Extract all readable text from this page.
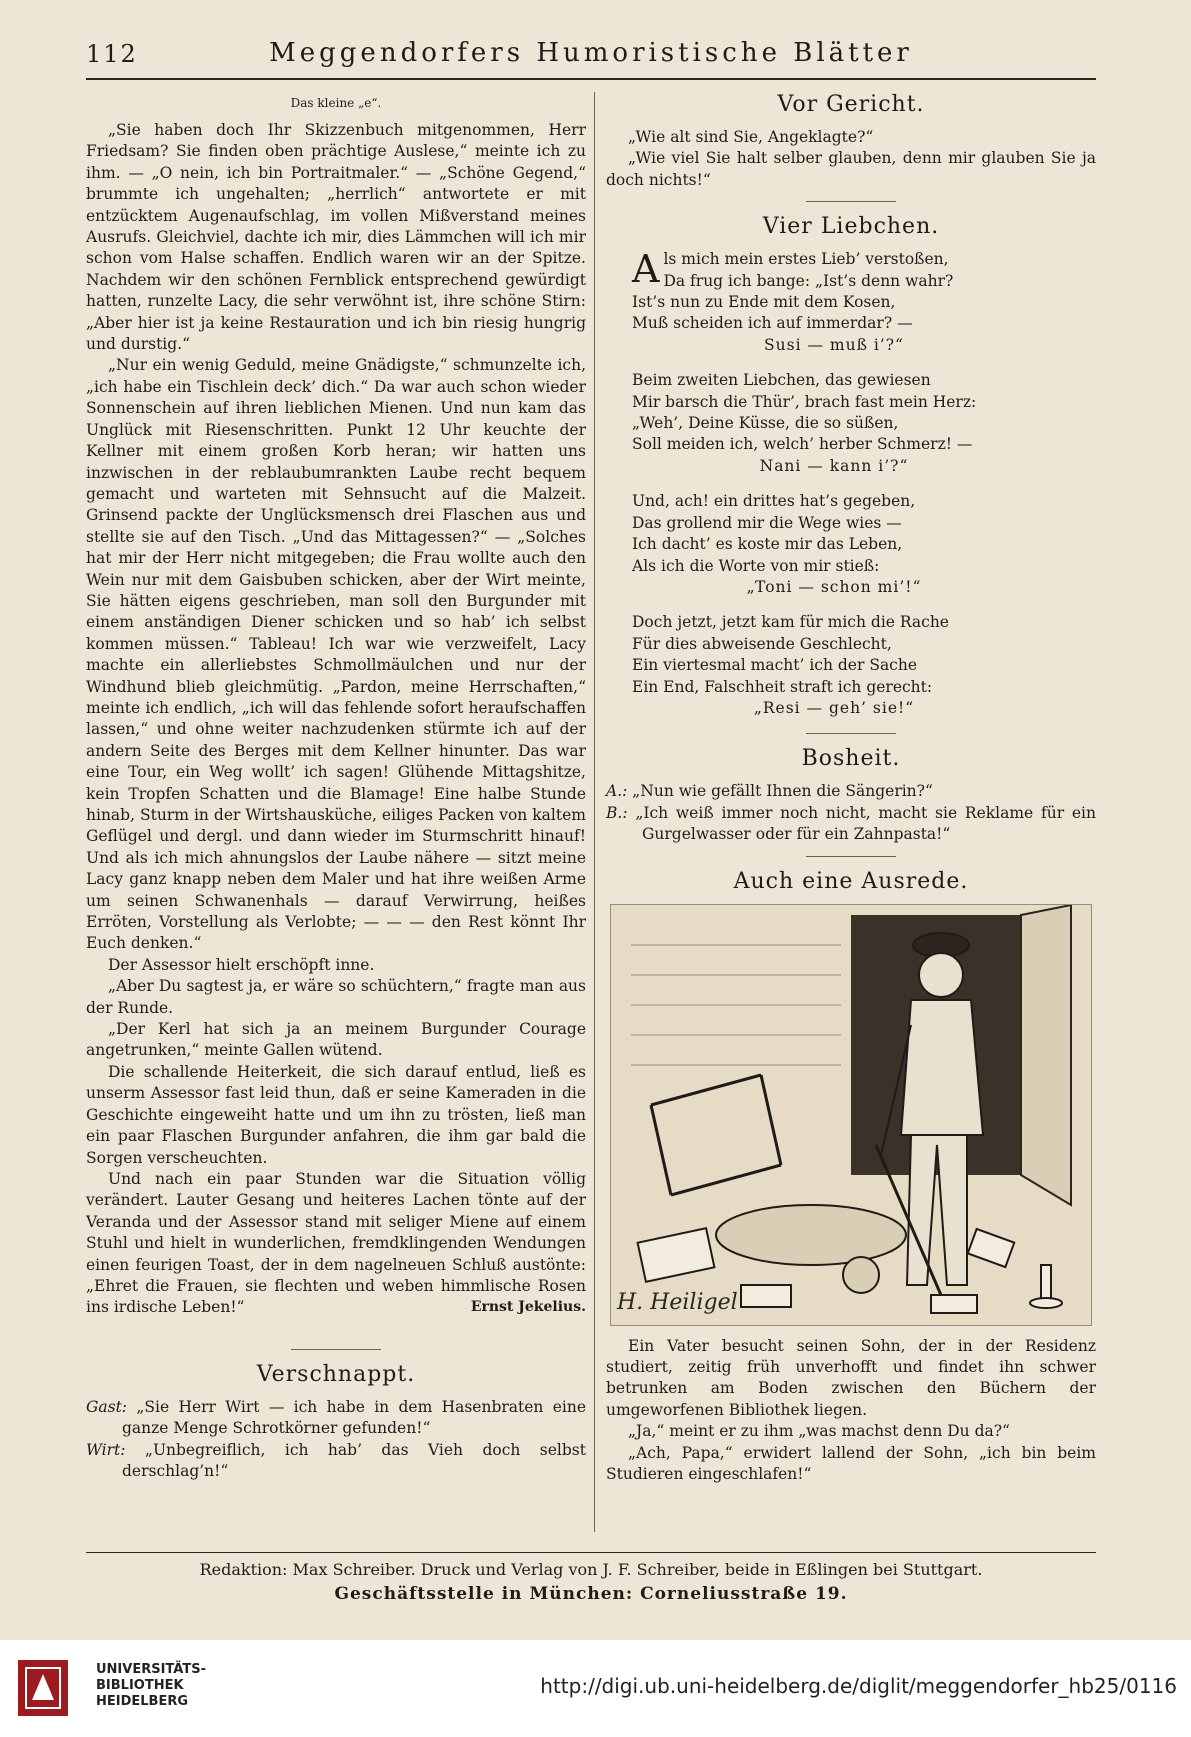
112	Meggendorfers Humoristische Blätter
Das kleine „e“.

„Sie haben doch Ihr Skizzenbuch mitgenommen, Herr Friedsam? Sie finden oben prächtige Auslese,“ meinte ich zu ihm. — „O nein, ich bin Portraitmaler.“ — „Schöne Gegend,“ brummte ich ungehalten; „herrlich“ antwortete er mit entzücktem Augenaufschlag, im vollen Mißverstand meines Ausrufs. Gleichviel, dachte ich mir, dies Lämmchen will ich mir schon vom Halse schaffen. Endlich waren wir an der Spitze. Nachdem wir den schönen Fernblick entsprechend gewürdigt hatten, runzelte Lacy, die sehr verwöhnt ist, ihre schöne Stirn: „Aber hier ist ja keine Restauration und ich bin riesig hungrig und durstig.“

„Nur ein wenig Geduld, meine Gnädigste,“ schmunzelte ich, „ich habe ein Tischlein deck’ dich.“ Da war auch schon wieder Sonnenschein auf ihren lieblichen Mienen. Und nun kam das Unglück mit Riesenschritten. Punkt 12 Uhr keuchte der Kellner mit einem großen Korb heran; wir hatten uns inzwischen in der reblaubumrankten Laube recht bequem gemacht und warteten mit Sehnsucht auf die Malzeit. Grinsend packte der Unglücksmensch drei Flaschen aus und stellte sie auf den Tisch. „Und das Mittagessen?“ — „Solches hat mir der Herr nicht mitgegeben; die Frau wollte auch den Wein nur mit dem Gaisbuben schicken, aber der Wirt meinte, Sie hätten eigens geschrieben, man soll den Burgunder mit einem anständigen Diener schicken und so hab’ ich selbst kommen müssen.“ Tableau! Ich war wie verzweifelt, Lacy machte ein allerliebstes Schmollmäulchen und nur der Windhund blieb gleichmütig. „Pardon, meine Herrschaften,“ meinte ich endlich, „ich will das fehlende sofort heraufschaffen lassen,“ und ohne weiter nachzudenken stürmte ich auf der andern Seite des Berges mit dem Kellner hinunter. Das war eine Tour, ein Weg wollt’ ich sagen! Glühende Mittagshitze, kein Tropfen Schatten und die Blamage! Eine halbe Stunde hinab, Sturm in der Wirtshausküche, eiliges Packen von kaltem Geflügel und dergl. und dann wieder im Sturmschritt hinauf! Und als ich mich ahnungslos der Laube nähere — sitzt meine Lacy ganz knapp neben dem Maler und hat ihre weißen Arme um seinen Schwanenhals — darauf Verwirrung, heißes Erröten, Vorstellung als Verlobte; — — — den Rest könnt Ihr Euch denken.“

Der Assessor hielt erschöpft inne.

„Aber Du sagtest ja, er wäre so schüchtern,“ fragte man aus der Runde.

„Der Kerl hat sich ja an meinem Burgunder Courage angetrunken,“ meinte Gallen wütend.

Die schallende Heiterkeit, die sich darauf entlud, ließ es unserm Assessor fast leid thun, daß er seine Kameraden in die Geschichte eingeweiht hatte und um ihn zu trösten, ließ man ein paar Flaschen Burgunder anfahren, die ihm gar bald die Sorgen verscheuchten.

Und nach ein paar Stunden war die Situation völlig verändert. Lauter Gesang und heiteres Lachen tönte auf der Veranda und der Assessor stand mit seliger Miene auf einem Stuhl und hielt in wunderlichen, fremdklingenden Wendungen einen feurigen Toast, der in dem nagelneuen Schluß austönte: „Ehret die Frauen, sie flechten und weben himmlische Rosen ins irdische Leben!“	Ernst Jekelius.

Verschnappt.

Gast: „Sie Herr Wirt — ich habe in dem Hasenbraten eine ganze Menge Schrotkörner gefunden!“

Wirt: „Unbegreiflich, ich hab’ das Vieh doch selbst derschlag’n!“

Vor Gericht.

„Wie alt sind Sie, Angeklagte?“

„Wie viel Sie halt selber glauben, denn mir glauben Sie ja doch nichts!“

Vier Liebchen.
A ls mich mein erstes Lieb’ verstoßen,
Da frug ich bange: „Ist’s denn wahr?
Ist’s nun zu Ende mit dem Kosen,
Muß scheiden ich auf immerdar? —
Susi — muß i’?“
Beim zweiten Liebchen, das gewiesen
Mir barsch die Thür’, brach fast mein Herz:
„Weh’, Deine Küsse, die so süßen,
Soll meiden ich, welch’ herber Schmerz! —
Nani — kann i’?“
Und, ach! ein drittes hat’s gegeben,
Das grollend mir die Wege wies —
Ich dacht’ es koste mir das Leben,
Als ich die Worte von mir stieß:
„Toni — schon mi’!“
Doch jetzt, jetzt kam für mich die Rache
Für dies abweisende Geschlecht,
Ein viertesmal macht’ ich der Sache
Ein End, Falschheit straft ich gerecht:
„Resi — geh’ sie!“
Bosheit.

A.: „Nun wie gefällt Ihnen die Sängerin?“

B.: „Ich weiß immer noch nicht, macht sie Reklame für ein Gurgelwasser oder für ein Zahnpasta!“

Auch eine Ausrede.
H. Heiligel

Ein Vater besucht seinen Sohn, der in der Residenz studiert, zeitig früh unverhofft und findet ihn schwer betrunken am Boden zwischen den Büchern der umgeworfenen Bibliothek liegen.

„Ja,“ meint er zu ihm „was machst denn Du da?“

„Ach, Papa,“ erwidert lallend der Sohn, „ich bin beim Studieren eingeschlafen!“

Redaktion: Max Schreiber. Druck und Verlag von J. F. Schreiber, beide in Eßlingen bei Stuttgart.
Geschäftsstelle in München: Corneliusstraße 19.
UNIVERSITÄTS-
BIBLIOTHEK
HEIDELBERG
http://digi.ub.uni-heidelberg.de/diglit/meggendorfer_hb25/0116
